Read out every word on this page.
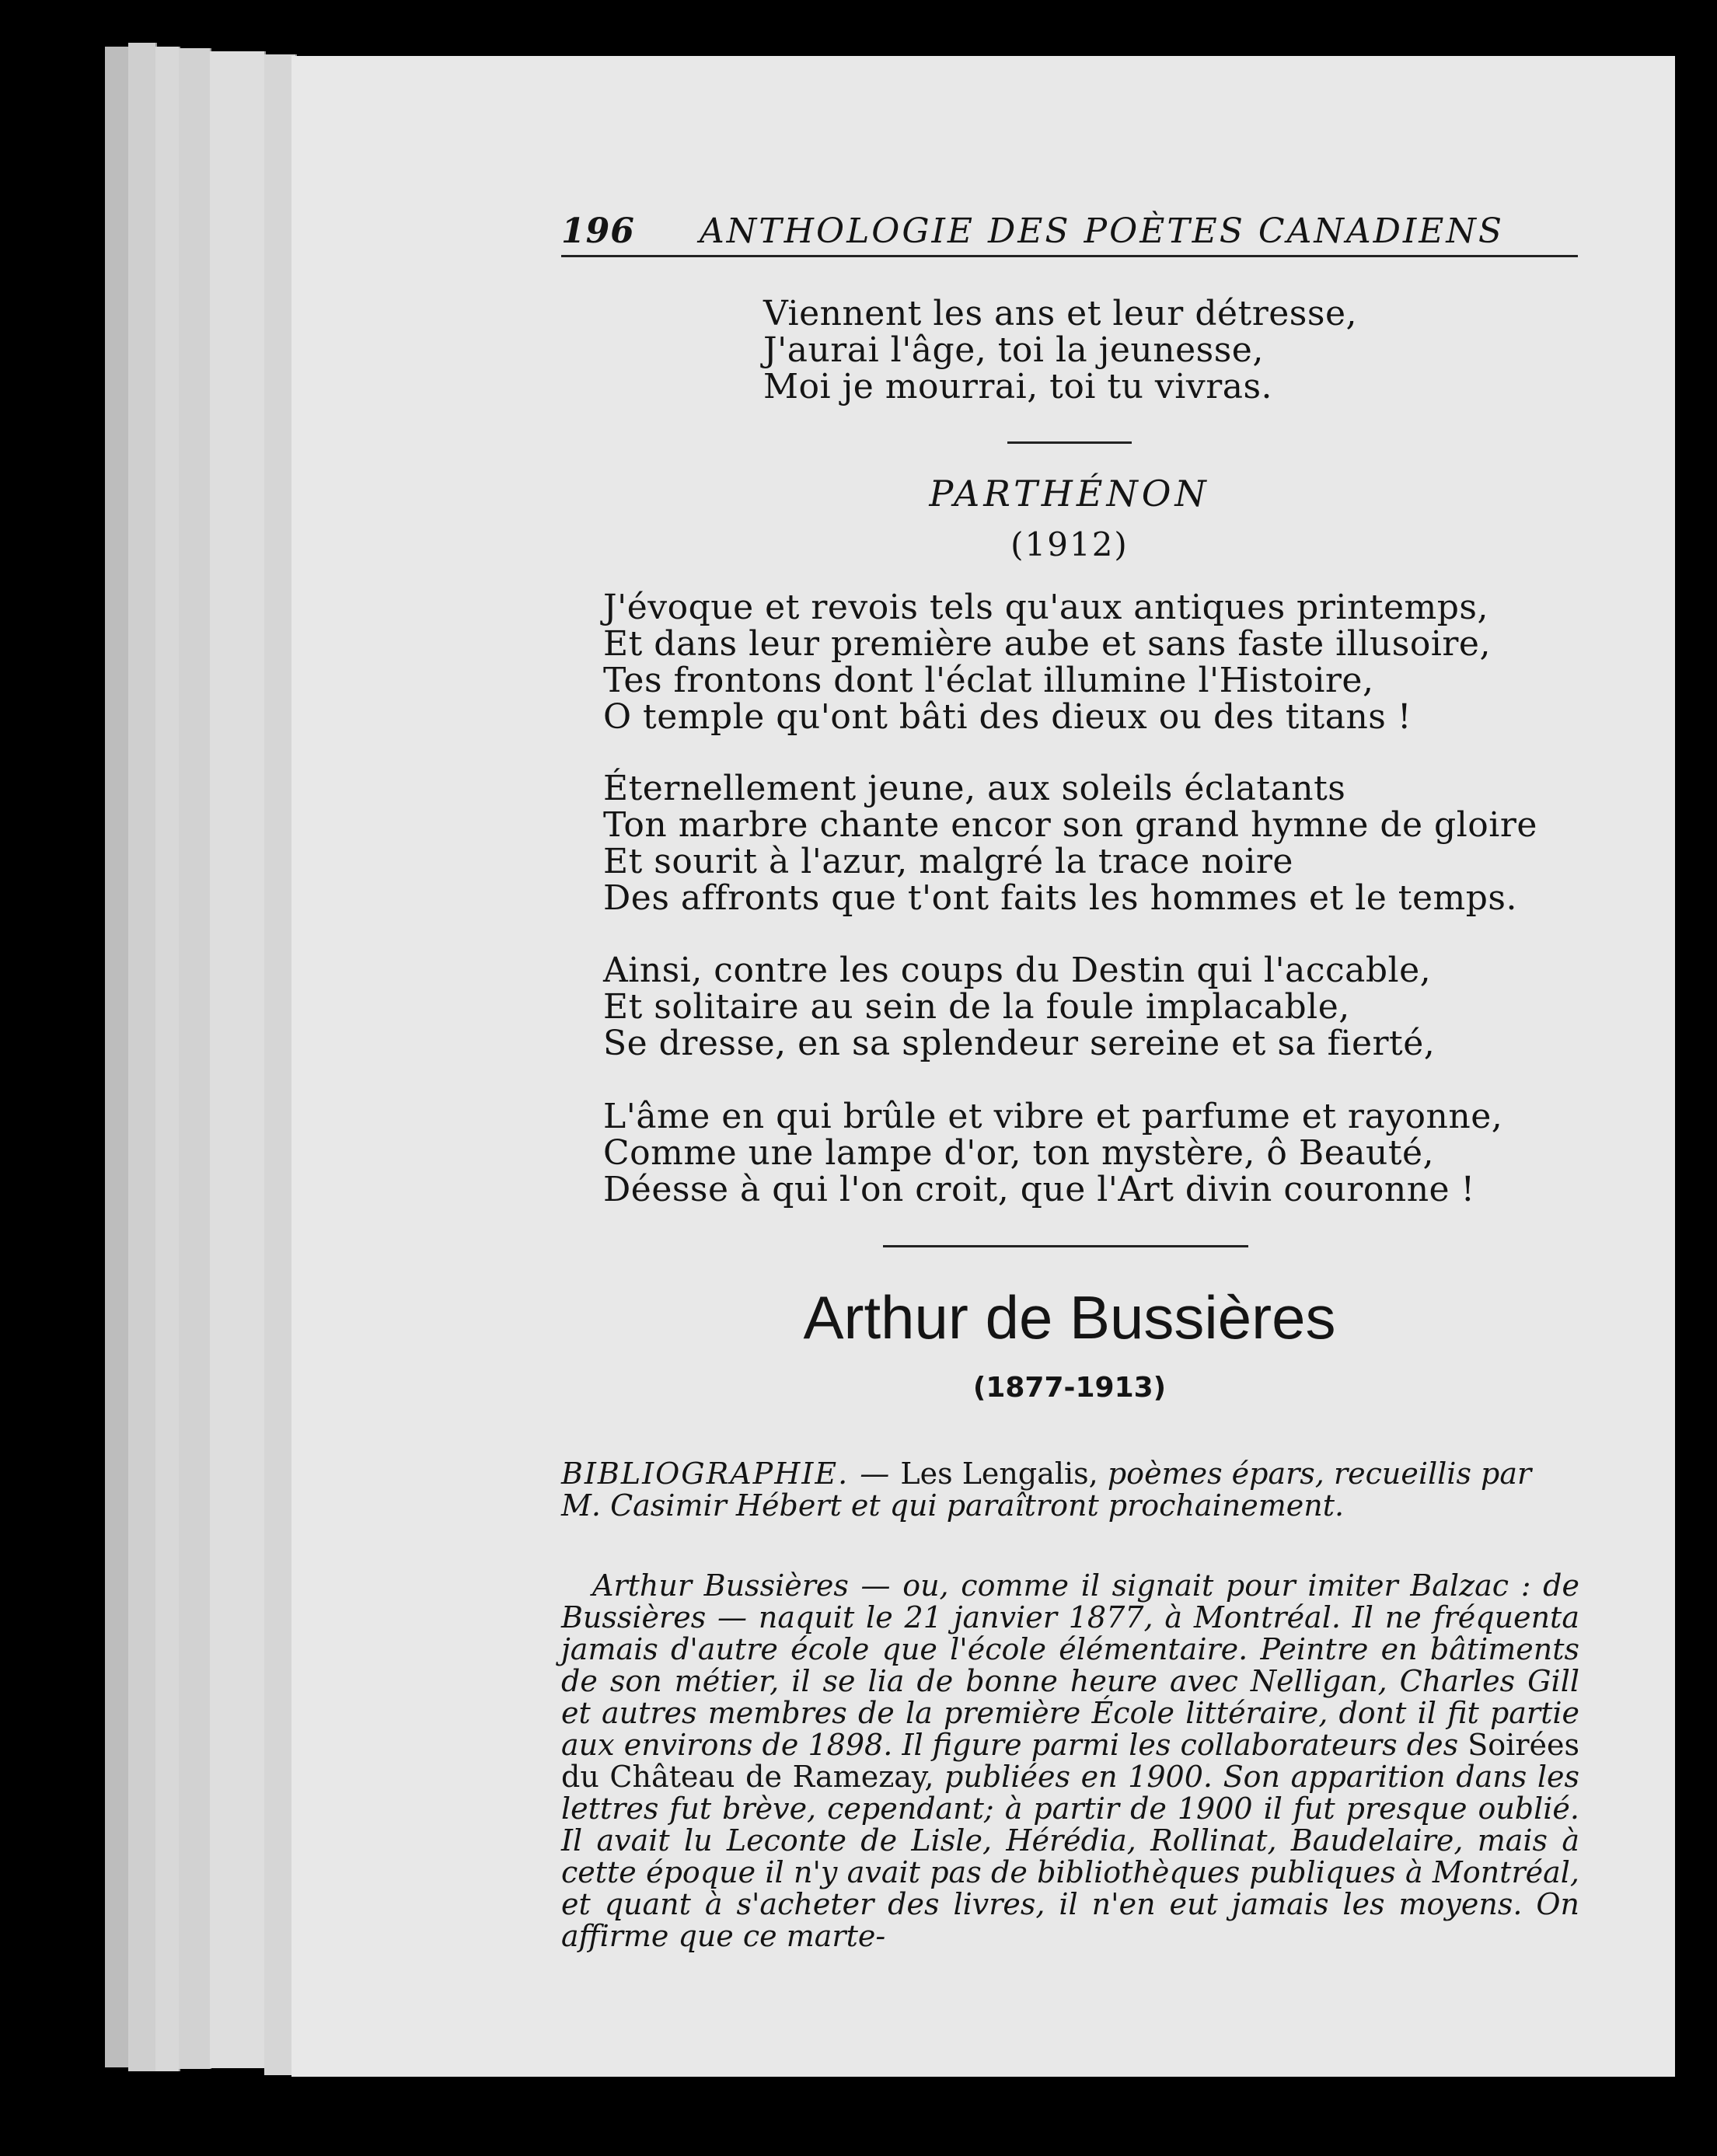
196 ANTHOLOGIE DES POÈTES CANADIENS
Viennent les ans et leur détresse,
J'aurai l'âge, toi la jeunesse,
Moi je mourrai, toi tu vivras.
PARTHÉNON
(1912)
J'évoque et revois tels qu'aux antiques printemps,
Et dans leur première aube et sans faste illusoire,
Tes frontons dont l'éclat illumine l'Histoire,
O temple qu'ont bâti des dieux ou des titans !
Éternellement jeune, aux soleils éclatants
Ton marbre chante encor son grand hymne de gloire
Et sourit à l'azur, malgré la trace noire
Des affronts que t'ont faits les hommes et le temps.
Ainsi, contre les coups du Destin qui l'accable,
Et solitaire au sein de la foule implacable,
Se dresse, en sa splendeur sereine et sa fierté,
L'âme en qui brûle et vibre et parfume et rayonne,
Comme une lampe d'or, ton mystère, ô Beauté,
Déesse à qui l'on croit, que l'Art divin couronne !
Arthur de Bussières
(1877-1913)
BIBLIOGRAPHIE. — Les Lengalis, poèmes épars, recueillis par M. Casimir Hébert et qui paraîtront prochainement.
Arthur Bussières — ou, comme il signait pour imiter Balzac : de Bussières — naquit le 21 janvier 1877, à Montréal. Il ne fréquenta jamais d'autre école que l'école élémentaire. Peintre en bâtiments de son métier, il se lia de bonne heure avec Nelligan, Charles Gill et autres membres de la première École littéraire, dont il fit partie aux environs de 1898. Il figure parmi les collaborateurs des Soirées du Château de Ramezay, publiées en 1900. Son apparition dans les lettres fut brève, cependant; à partir de 1900 il fut presque oublié. Il avait lu Leconte de Lisle, Hérédia, Rollinat, Baudelaire, mais à cette époque il n'y avait pas de bibliothèques publiques à Montréal, et quant à s'acheter des livres, il n'en eut jamais les moyens. On affirme que ce marte-
